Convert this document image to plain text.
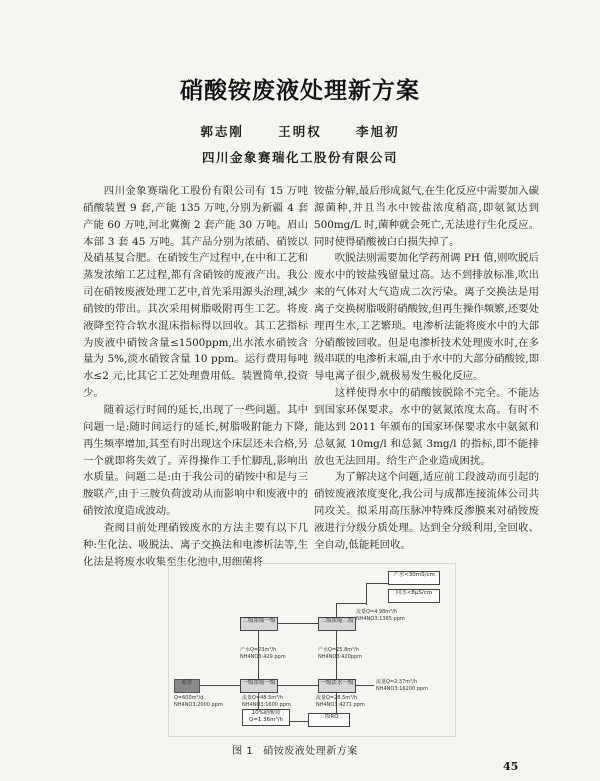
硝酸铵废液处理新方案
郭志刚	王明权	李旭初
四川金象赛瑞化工股份有限公司

四川金象赛瑞化工股份有限公司有 15 万吨硝酸装置 9 套,产能 135 万吨,分别为新疆 4 套产能 60 万吨,河北冀衡 2 套产能 30 万吨。眉山本部 3 套 45 万吨。其产品分别为浓硝、硝铵以及硝基复合肥。在硝铵生产过程中,在中和工艺和蒸发浓缩工艺过程,都有含硝铵的废液产出。我公司在硝铵废液处理工艺中,首先采用源头治理,减少硝铵的带出。其次采用树脂吸附再生工艺。将废液降至符合软水混床指标得以回收。其工艺指标为废液中硝铵含量≤1500ppm,出水浓水硝铵含量为 5%,淡水硝铵含量 10 ppm。运行费用每吨水≤2 元,比其它工艺处理费用低。装置简单,投资少。

随着运行时间的延长,出现了一些问题。其中问题一是:随时间运行的延长,树脂吸附能力下降,再生频率增加,其至有时出现这个床层还未合格,另一个就即将失效了。弄得操作工手忙脚乱,影响出水质量。问题二是:由于我公司的硝铵中和是与三胺联产,由于三胺负荷波动从而影响中和废液中的硝铵浓度造成波动。

查阅目前处理硝铵废水的方法主要有以下几种:生化法、吸脱法、离子交换法和电渗析法等,生化法是将废水收集至生化池中,用细菌将

铵盐分解,最后形成氮气,在生化反应中需要加入碳源菌种,并且当水中铵盐浓度稍高,即氨氮达到 500mg/L 时,菌种就会死亡,无法进行生化反应。同时使得硝酸被白白损失掉了。

吹脱法则需要加化学药剂调 PH 值,则吹脱后废水中的铵盐残留量过高。达不到排放标准,吹出来的气体对大气造成二次污染。离子交换法是用离子交换树脂吸附硝酸铵,但再生操作频繁,还要处理再生水,工艺繁琐。电渗析法能将废水中的大部分硝酸铵回收。但是电渗析技术处理废水时,在多级串联的电渗析末端,由于水中的大部分硝酸铵,即导电离子很少,就极易发生极化反应。

这样使得水中的硝酸铵脱除不完全。不能达到国家环保要求。水中的氨氮浓度太高。有时不能达到 2011 年颁布的国家环保要求水中氨氮和总氨氮 10mg/l 和总氮 3mg/l 的指标,即不能排放也无法回用。给生产企业造成困扰。

为了解决这个问题,适应前工段波动而引起的硝铵废液浓度变化,我公司与成都连接流体公司共同攻关。拟采用高压脉冲特殊反渗膜来对硝铵废液进行分级分质处理。达到全分级利用,全回收、全自动,低能耗回收。

产水<30mS/cm
回水<8μS/cm
二级浓缩一级	三级浓缩二级
原水	一级浓缩一级	一级淡水一级
10%硝酸铵
Q=1.36m³/h	三级RO
Q=600m³/d
NH4NO3:2000 ppm
流量Q=48.5m³/h
NH4NO3:1600 ppm
流量Q=28.5m³/h
NH4NO3:4271 ppm
流量Q=2.37m³/h
NH4NO3:16200 ppm
产水Q=23m³/h
NH4NO3:429 ppm
产水Q=25.8m³/h
NH4NO3:420ppm
流量Q=4.98m³/h
NH4NO3:1365 ppm
图 1 硝铵废液处理新方案
45
